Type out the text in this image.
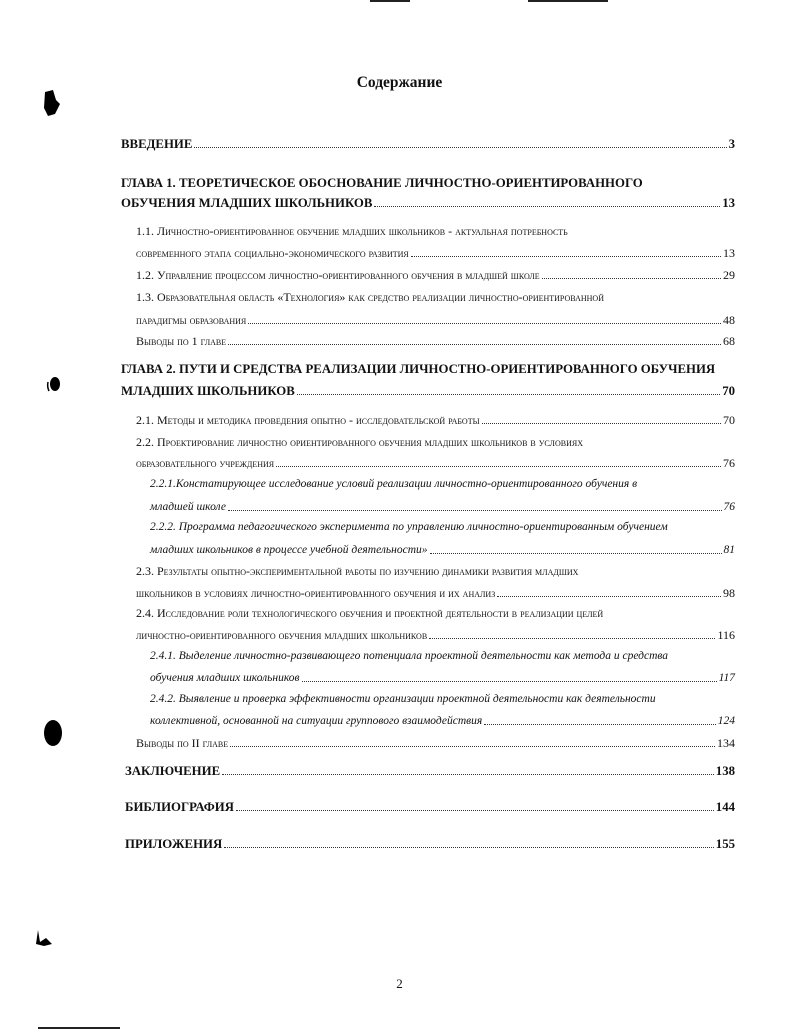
Содержание
ВВЕДЕНИЕ	3
ГЛАВА 1. ТЕОРЕТИЧЕСКОЕ ОБОСНОВАНИЕ ЛИЧНОСТНО-ОРИЕНТИРОВАННОГО
ОБУЧЕНИЯ МЛАДШИХ ШКОЛЬНИКОВ	13
1.1. Личностно-ориентированное обучение младших школьников - актуальная потребность
современного этапа социально-экономического развития	13
1.2. Управление процессом личностно-ориентированного обучения в младшей школе	29
1.3. Образовательная область «Технология» как средство реализации личностно-ориентированной
парадигмы образования	48
Выводы по 1 главе	68
ГЛАВА 2. ПУТИ И СРЕДСТВА РЕАЛИЗАЦИИ ЛИЧНОСТНО-ОРИЕНТИРОВАННОГО ОБУЧЕНИЯ
МЛАДШИХ ШКОЛЬНИКОВ	70
2.1. Методы и методика проведения опытно - исследовательской работы	70
2.2. Проектирование личностно ориентированного обучения младших школьников в условиях
образовательного учреждения	76
2.2.1.Констатирующее исследование условий реализации личностно-ориентированного обучения в
младшей школе	76
2.2.2. Программа педагогического эксперимента по управлению личностно-ориентированным обучением
младших школьников в процессе учебной деятельности»	81
2.3. Результаты опытно-экспериментальной работы по изучению динамики развития младших
школьников в условиях личностно-ориентированного обучения и их анализ	98
2.4. Исследование роли технологического обучения и проектной деятельности в реализации целей
личностно-ориентированного обучения младших школьников	116
2.4.1. Выделение личностно-развивающего потенциала проектной деятельности как метода и средства
обучения младших школьников	117
2.4.2. Выявление и проверка эффективности организации проектной деятельности как деятельности
коллективной, основанной на ситуации группового взаимодействия	124
Выводы по II главе	134
ЗАКЛЮЧЕНИЕ	138
БИБЛИОГРАФИЯ	144
ПРИЛОЖЕНИЯ	155
2
